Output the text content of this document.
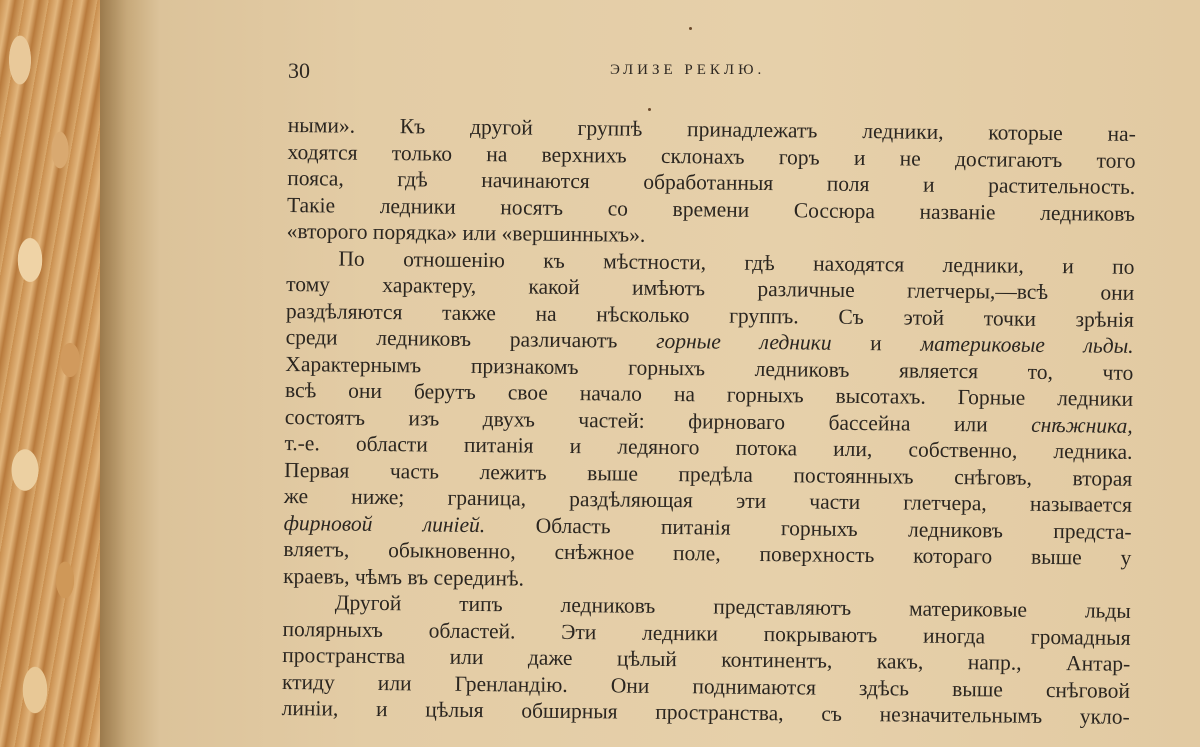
30	ЭЛИЗЕ РЕКЛЮ.
ными». Къ другой группѣ принадлежатъ ледники, которые на-
ходятся только на верхнихъ склонахъ горъ и не достигаютъ того
пояса, гдѣ начинаются обработанныя поля и растительность.
Такіе ледники носятъ со времени Соссюра названіе ледниковъ
«второго порядка» или «вершинныхъ».
По отношенію къ мѣстности, гдѣ находятся ледники, и по
тому характеру, какой имѣютъ различные глетчеры,—всѣ они
раздѣляются также на нѣсколько группъ. Съ этой точки зрѣнія
среди ледниковъ различаютъ горные ледники и материковые льды.
Характернымъ признакомъ горныхъ ледниковъ является то, что
всѣ они берутъ свое начало на горныхъ высотахъ. Горные ледники
состоятъ изъ двухъ частей: фирноваго бассейна или снѣжника,
т.-е. области питанія и ледяного потока или, собственно, ледника.
Первая часть лежитъ выше предѣла постоянныхъ снѣговъ, вторая
же ниже; граница, раздѣляющая эти части глетчера, называется
фирновой линіей. Область питанія горныхъ ледниковъ предста-
вляетъ, обыкновенно, снѣжное поле, поверхность котораго выше у
краевъ, чѣмъ въ серединѣ.
Другой типъ ледниковъ представляютъ материковые льды
полярныхъ областей. Эти ледники покрываютъ иногда громадныя
пространства или даже цѣлый континентъ, какъ, напр., Антар-
ктиду или Гренландію. Они поднимаются здѣсь выше снѣговой
линіи, и цѣлыя обширныя пространства, съ незначительнымъ укло-
